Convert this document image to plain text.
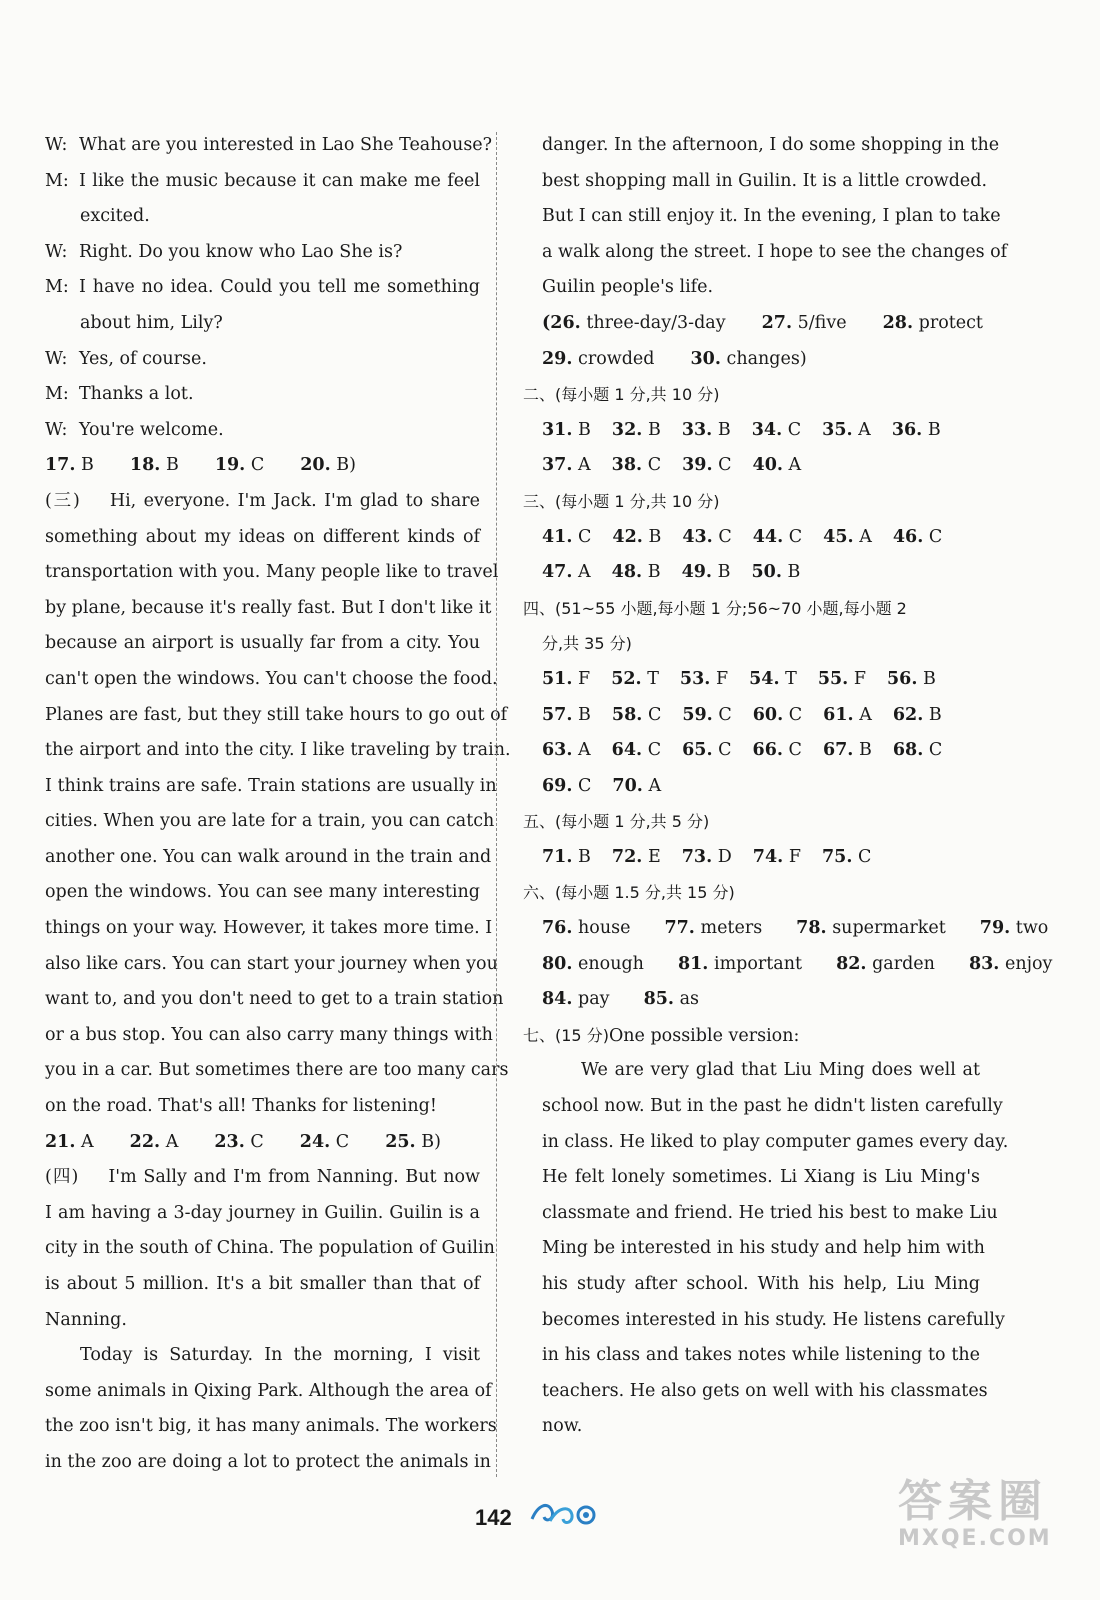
W: What are you interested in Lao She Teahouse?
M: I like the music because it can make me feel
excited.
W: Right. Do you know who Lao She is?
M: I have no idea. Could you tell me something
about him, Lily?
W: Yes, of course.
M: Thanks a lot.
W: You're welcome.
17. B 18. B 19. C 20. B)
(三) Hi, everyone. I'm Jack. I'm glad to share
something about my ideas on different kinds of
transportation with you. Many people like to travel
by plane, because it's really fast. But I don't like it
because an airport is usually far from a city. You
can't open the windows. You can't choose the food.
Planes are fast, but they still take hours to go out of
the airport and into the city. I like traveling by train.
I think trains are safe. Train stations are usually in
cities. When you are late for a train, you can catch
another one. You can walk around in the train and
open the windows. You can see many interesting
things on your way. However, it takes more time. I
also like cars. You can start your journey when you
want to, and you don't need to get to a train station
or a bus stop. You can also carry many things with
you in a car. But sometimes there are too many cars
on the road. That's all! Thanks for listening!
21. A 22. A 23. C 24. C 25. B)
(四) I'm Sally and I'm from Nanning. But now
I am having a 3-day journey in Guilin. Guilin is a
city in the south of China. The population of Guilin
is about 5 million. It's a bit smaller than that of
Nanning.
Today is Saturday. In the morning, I visit
some animals in Qixing Park. Although the area of
the zoo isn't big, it has many animals. The workers
in the zoo are doing a lot to protect the animals in
danger. In the afternoon, I do some shopping in the
best shopping mall in Guilin. It is a little crowded.
But I can still enjoy it. In the evening, I plan to take
a walk along the street. I hope to see the changes of
Guilin people's life.
(26. three-day/3-day 27. 5/five 28. protect
29. crowded 30. changes)
二、(每小题 1 分,共 10 分)
31. B 32. B 33. B 34. C 35. A 36. B
37. A 38. C 39. C 40. A
三、(每小题 1 分,共 10 分)
41. C 42. B 43. C 44. C 45. A 46. C
47. A 48. B 49. B 50. B
四、(51~55 小题,每小题 1 分;56~70 小题,每小题 2
分,共 35 分)
51. F 52. T 53. F 54. T 55. F 56. B
57. B 58. C 59. C 60. C 61. A 62. B
63. A 64. C 65. C 66. C 67. B 68. C
69. C 70. A
五、(每小题 1 分,共 5 分)
71. B 72. E 73. D 74. F 75. C
六、(每小题 1.5 分,共 15 分)
76. house 77. meters 78. supermarket 79. two
80. enough 81. important 82. garden 83. enjoy
84. pay 85. as
七、(15 分)One possible version:
We are very glad that Liu Ming does well at
school now. But in the past he didn't listen carefully
in class. He liked to play computer games every day.
He felt lonely sometimes. Li Xiang is Liu Ming's
classmate and friend. He tried his best to make Liu
Ming be interested in his study and help him with
his study after school. With his help, Liu Ming
becomes interested in his study. He listens carefully
in his class and takes notes while listening to the
teachers. He also gets on well with his classmates
now.
142	答案圈
MXQE.COM
